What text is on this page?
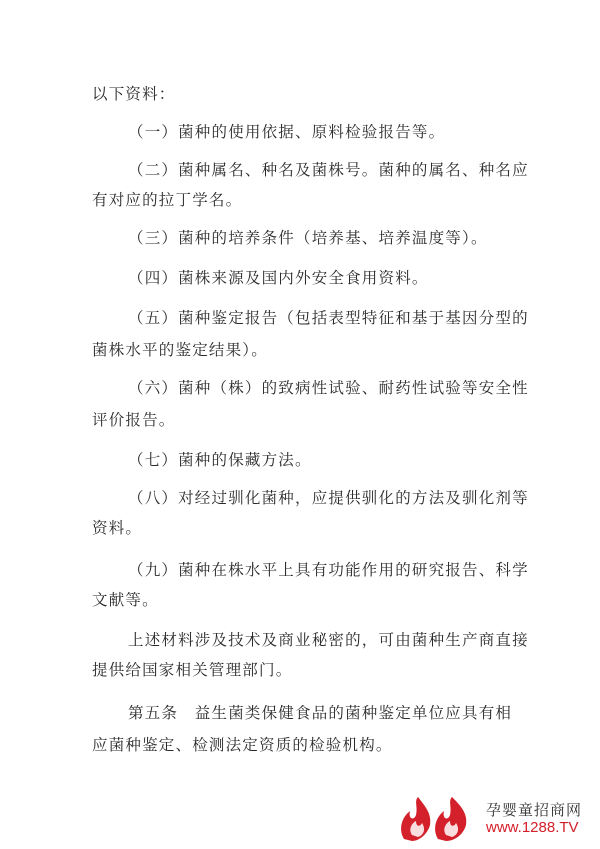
以下资料：
（一）菌种的使用依据、原料检验报告等。
（二）菌种属名、种名及菌株号。菌种的属名、种名应
有对应的拉丁学名。
（三）菌种的培养条件（培养基、培养温度等）。
（四）菌株来源及国内外安全食用资料。
（五）菌种鉴定报告（包括表型特征和基于基因分型的
菌株水平的鉴定结果）。
（六）菌种（株）的致病性试验、耐药性试验等安全性
评价报告。
（七）菌种的保藏方法。
（八）对经过驯化菌种，应提供驯化的方法及驯化剂等
资料。
（九）菌种在株水平上具有功能作用的研究报告、科学
文献等。
上述材料涉及技术及商业秘密的，可由菌种生产商直接
提供给国家相关管理部门。
第五条　益生菌类保健食品的菌种鉴定单位应具有相
应菌种鉴定、检测法定资质的检验机构。
孕婴童招商网
www.1288.TV
